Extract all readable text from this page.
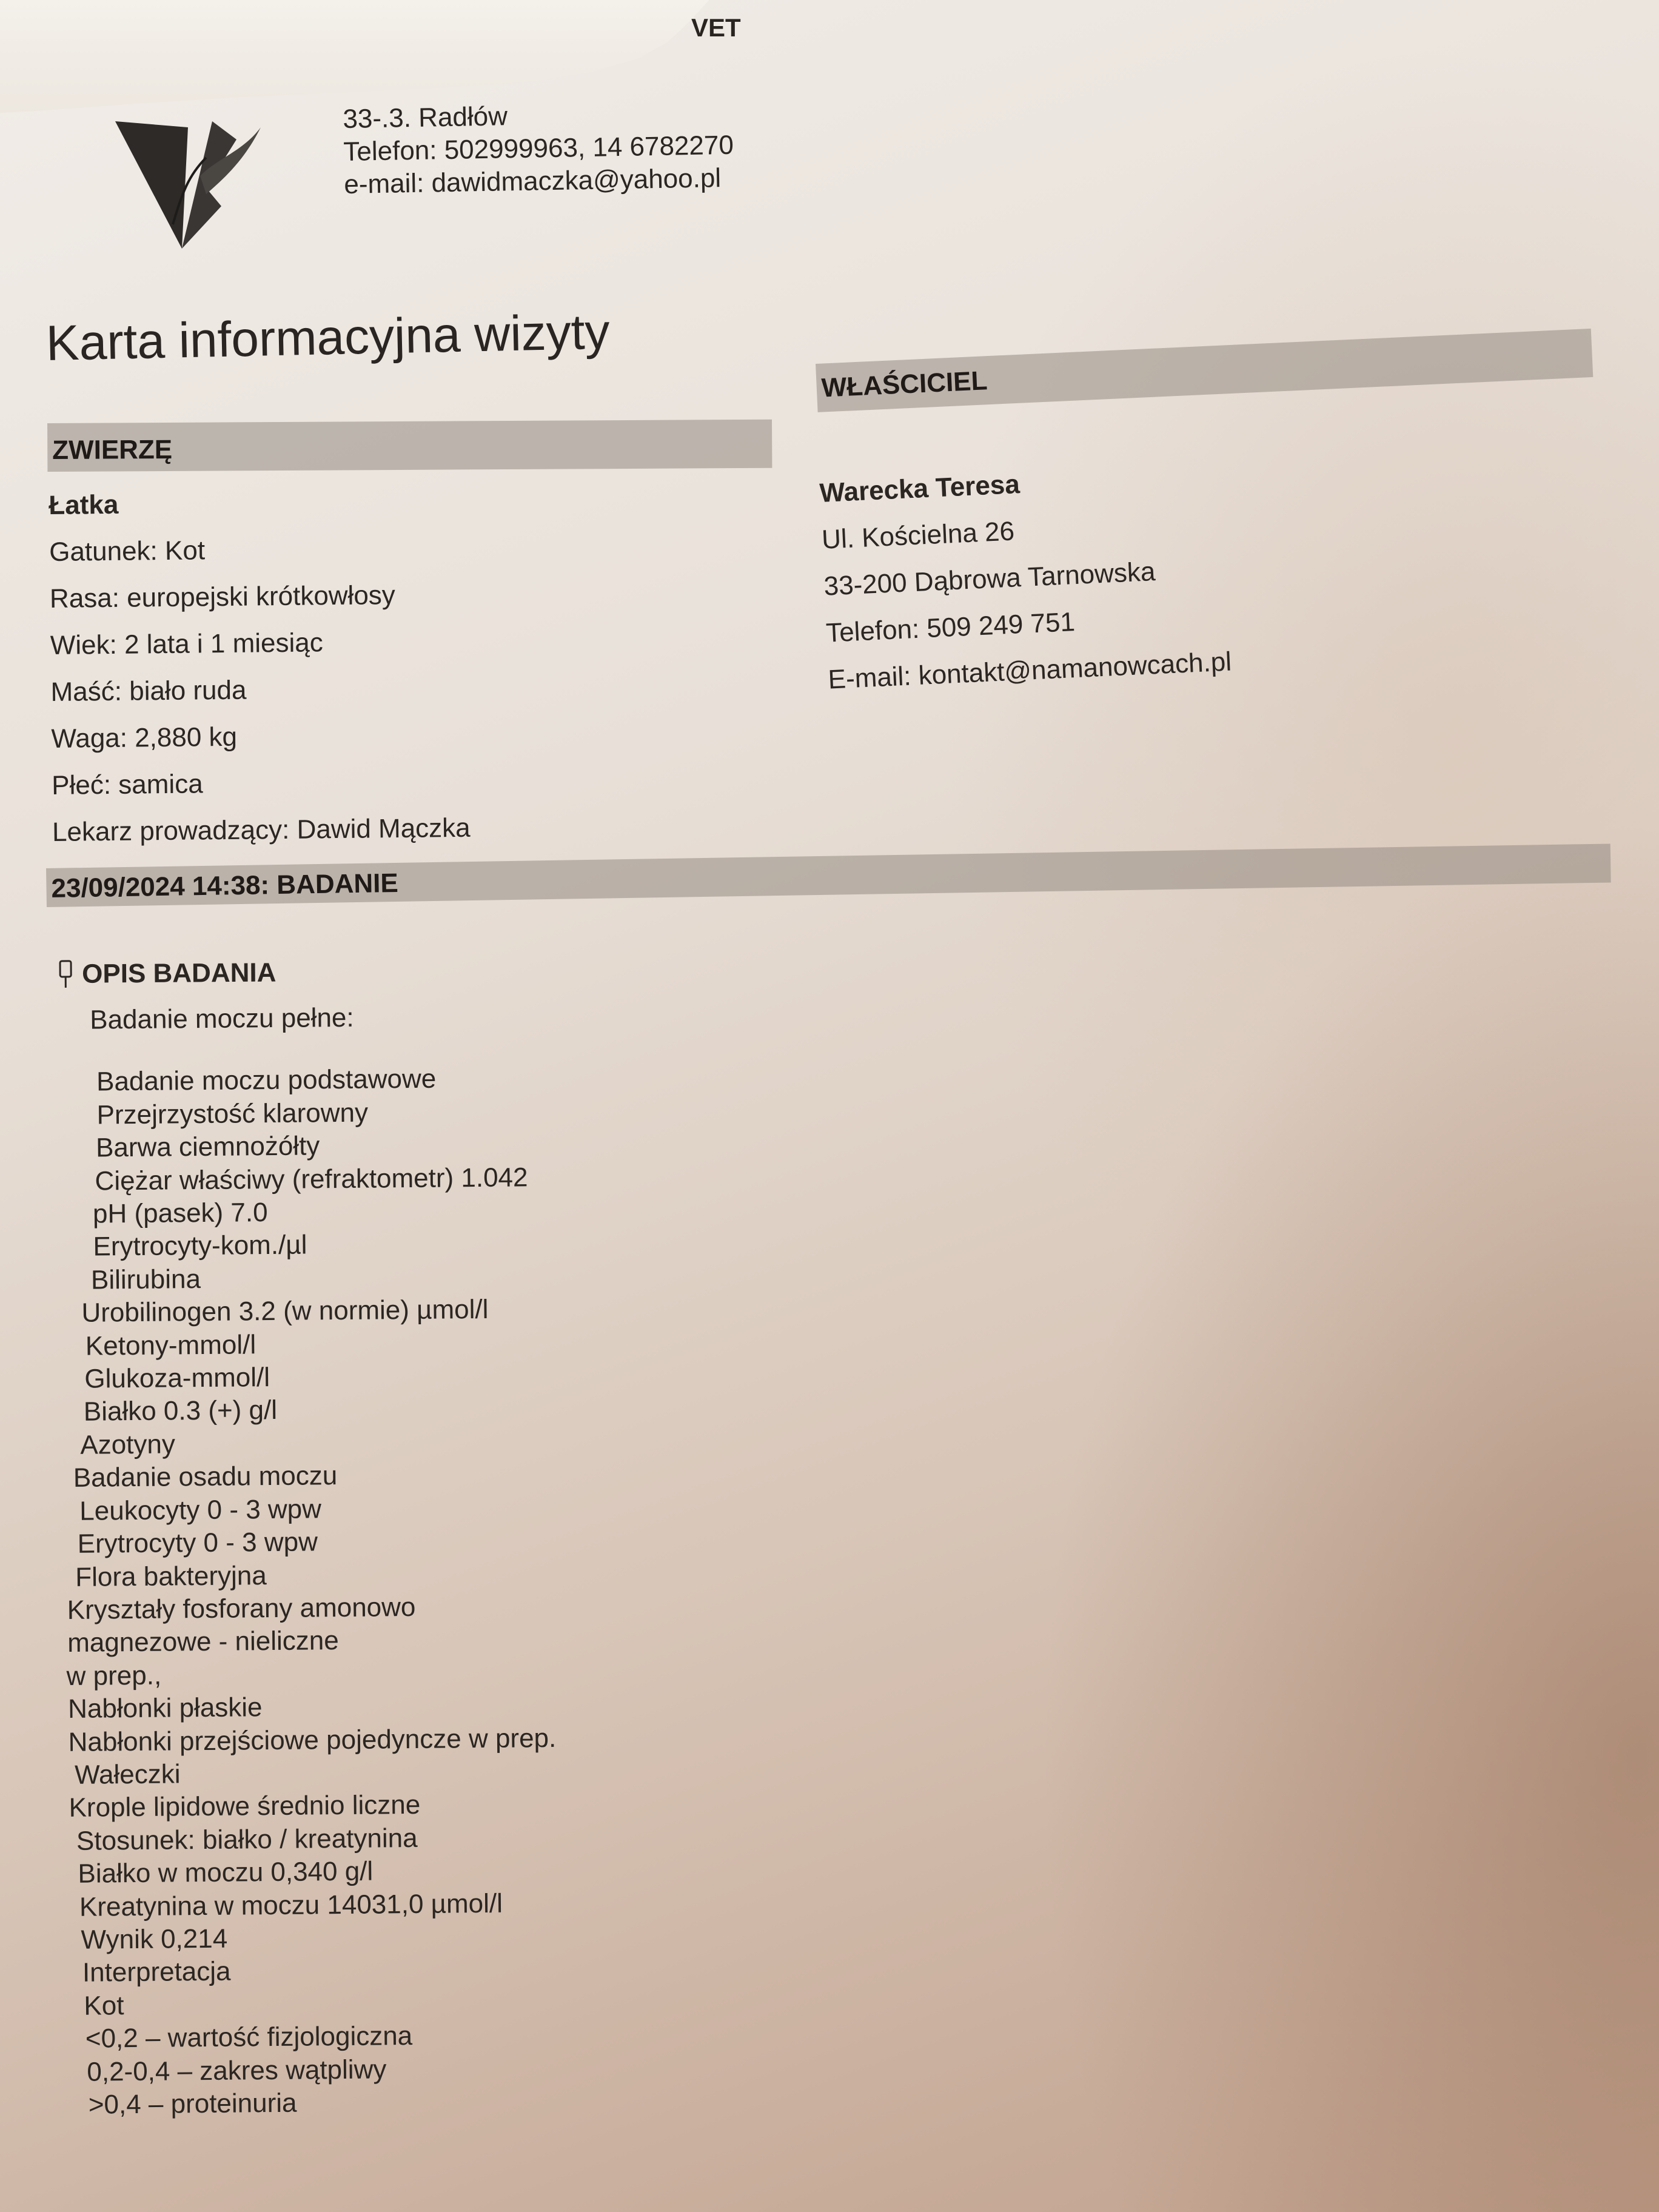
VET
33-.3. Radłów
Telefon: 502999963, 14 6782270
e-mail: dawidmaczka@yahoo.pl
Karta informacyjna wizyty
ZWIERZĘ
WŁAŚCICIEL
Łatka
Gatunek: Kot
Rasa: europejski krótkowłosy
Wiek: 2 lata i 1 miesiąc
Maść: biało ruda
Waga: 2,880 kg
Płeć: samica
Lekarz prowadzący: Dawid Mączka
Warecka Teresa
Ul. Kościelna 26
33-200 Dąbrowa Tarnowska
Telefon: 509 249 751
E-mail: kontakt@namanowcach.pl
23/09/2024 14:38: BADANIE
OPIS BADANIA
Badanie moczu pełne:
Badanie moczu podstawowe
Przejrzystość klarowny
Barwa ciemnożółty
Ciężar właściwy (refraktometr) 1.042
pH (pasek) 7.0
Erytrocyty-kom./µl
Bilirubina
Urobilinogen 3.2 (w normie) µmol/l
Ketony-mmol/l
Glukoza-mmol/l
Białko 0.3 (+) g/l
Azotyny
Badanie osadu moczu
Leukocyty 0 - 3 wpw
Erytrocyty 0 - 3 wpw
Flora bakteryjna
Kryształy fosforany amonowo
magnezowe - nieliczne
w prep.,
Nabłonki płaskie
Nabłonki przejściowe pojedyncze w prep.
Wałeczki
Krople lipidowe średnio liczne
Stosunek: białko / kreatynina
Białko w moczu 0,340 g/l
Kreatynina w moczu 14031,0 µmol/l
Wynik 0,214
Interpretacja
Kot
<0,2 – wartość fizjologiczna
0,2-0,4 – zakres wątpliwy
>0,4 – proteinuria
